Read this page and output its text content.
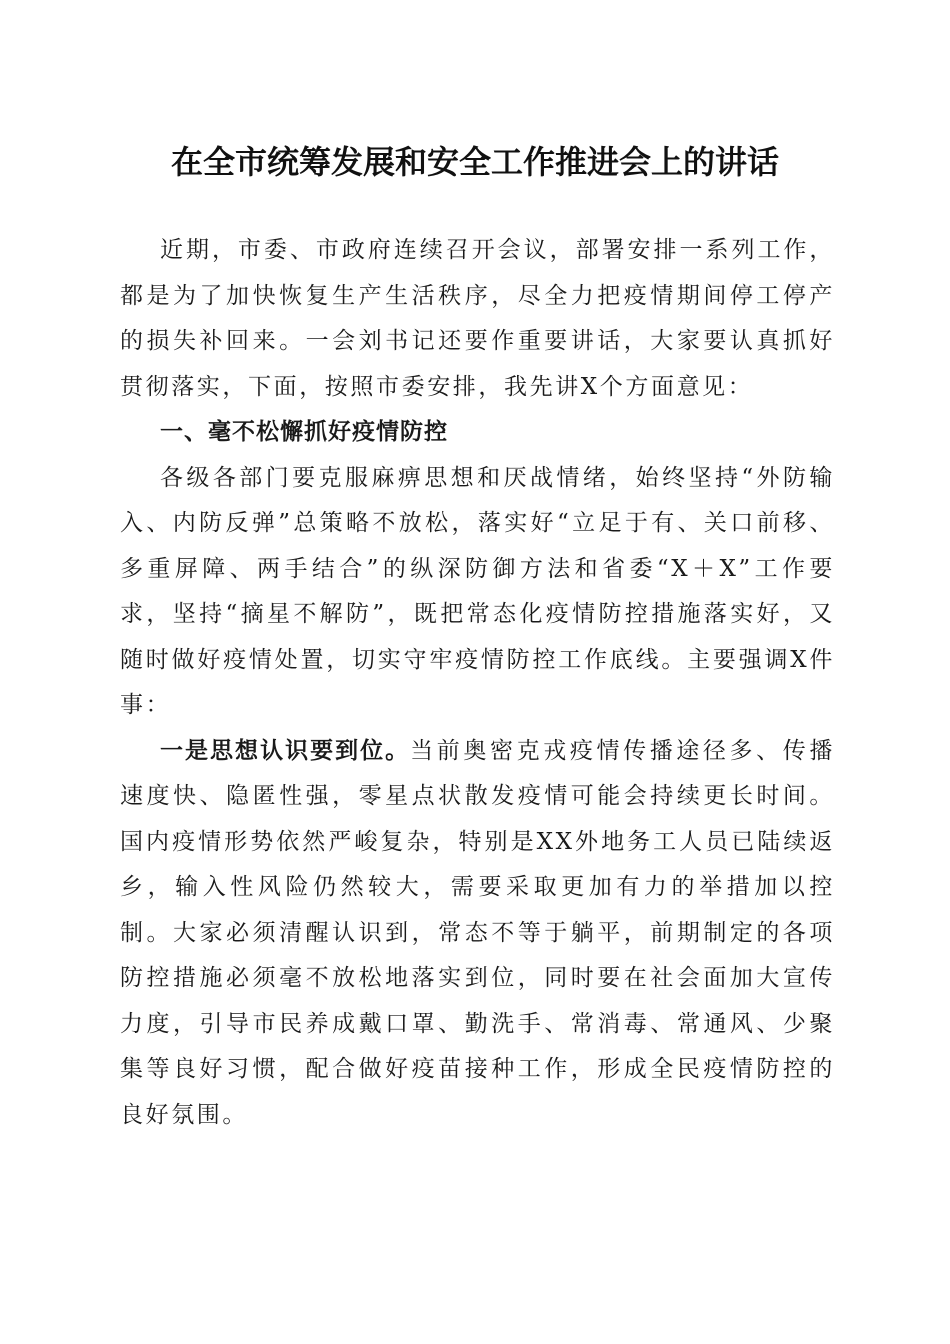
在全市统筹发展和安全工作推进会上的讲话

近期，市委、市政府连续召开会议，部署安排一系列工作，都是为了加快恢复生产生活秩序，尽全力把疫情期间停工停产的损失补回来。一会刘书记还要作重要讲话，大家要认真抓好贯彻落实，下面，按照市委安排，我先讲X个方面意见：

一、毫不松懈抓好疫情防控

各级各部门要克服麻痹思想和厌战情绪，始终坚持“外防输入、内防反弹”总策略不放松，落实好“立足于有、关口前移、多重屏障、两手结合”的纵深防御方法和省委“X＋X”工作要求，坚持“摘星不解防”，既把常态化疫情防控措施落实好，又随时做好疫情处置，切实守牢疫情防控工作底线。主要强调X件事：

一是思想认识要到位。当前奥密克戎疫情传播途径多、传播速度快、隐匿性强，零星点状散发疫情可能会持续更长时间。国内疫情形势依然严峻复杂，特别是XX外地务工人员已陆续返乡，输入性风险仍然较大，需要采取更加有力的举措加以控制。大家必须清醒认识到，常态不等于躺平，前期制定的各项防控措施必须毫不放松地落实到位，同时要在社会面加大宣传力度，引导市民养成戴口罩、勤洗手、常消毒、常通风、少聚集等良好习惯，配合做好疫苗接种工作，形成全民疫情防控的良好氛围。
